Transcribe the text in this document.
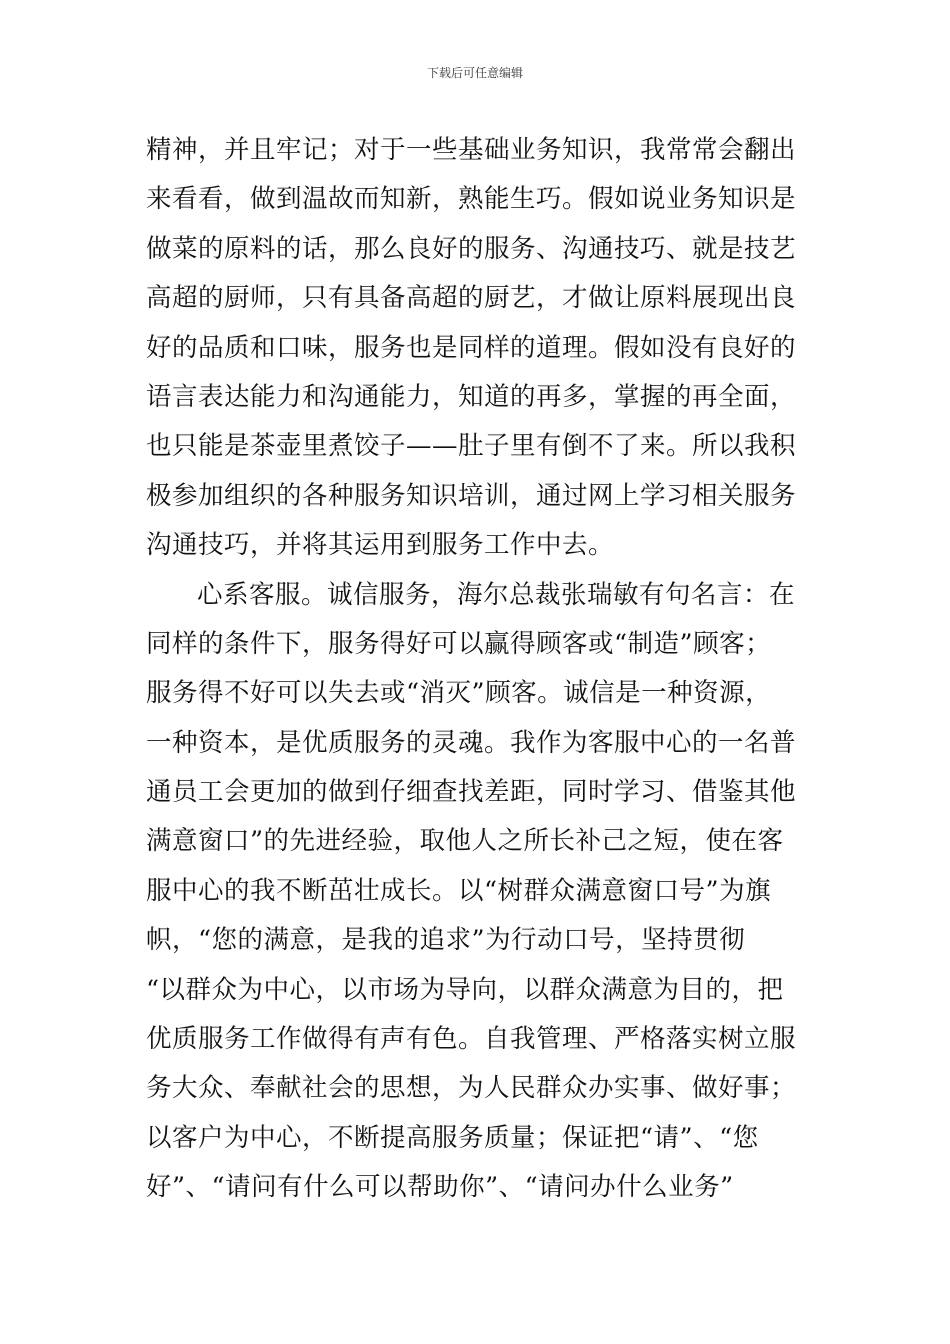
下载后可任意编辑
精神，并且牢记；对于一些基础业务知识，我常常会翻出
来看看，做到温故而知新，熟能生巧。假如说业务知识是
做菜的原料的话，那么良好的服务、沟通技巧、就是技艺
高超的厨师，只有具备高超的厨艺，才做让原料展现出良
好的品质和口味，服务也是同样的道理。假如没有良好的
语言表达能力和沟通能力，知道的再多，掌握的再全面，
也只能是茶壶里煮饺子——肚子里有倒不了来。所以我积
极参加组织的各种服务知识培训，通过网上学习相关服务
沟通技巧，并将其运用到服务工作中去。
心系客服。诚信服务，海尔总裁张瑞敏有句名言：在
同样的条件下，服务得好可以赢得顾客或“制造”顾客；
服务得不好可以失去或“消灭”顾客。诚信是一种资源，
一种资本，是优质服务的灵魂。我作为客服中心的一名普
通员工会更加的做到仔细查找差距，同时学习、借鉴其他
满意窗口”的先进经验，取他人之所长补己之短，使在客
服中心的我不断茁壮成长。以“树群众满意窗口号”为旗
帜，“您的满意，是我的追求”为行动口号，坚持贯彻
“以群众为中心，以市场为导向，以群众满意为目的，把
优质服务工作做得有声有色。自我管理、严格落实树立服
务大众、奉献社会的思想，为人民群众办实事、做好事；
以客户为中心，不断提高服务质量；保证把“请”、“您
好”、“请问有什么可以帮助你”、“请问办什么业务”
